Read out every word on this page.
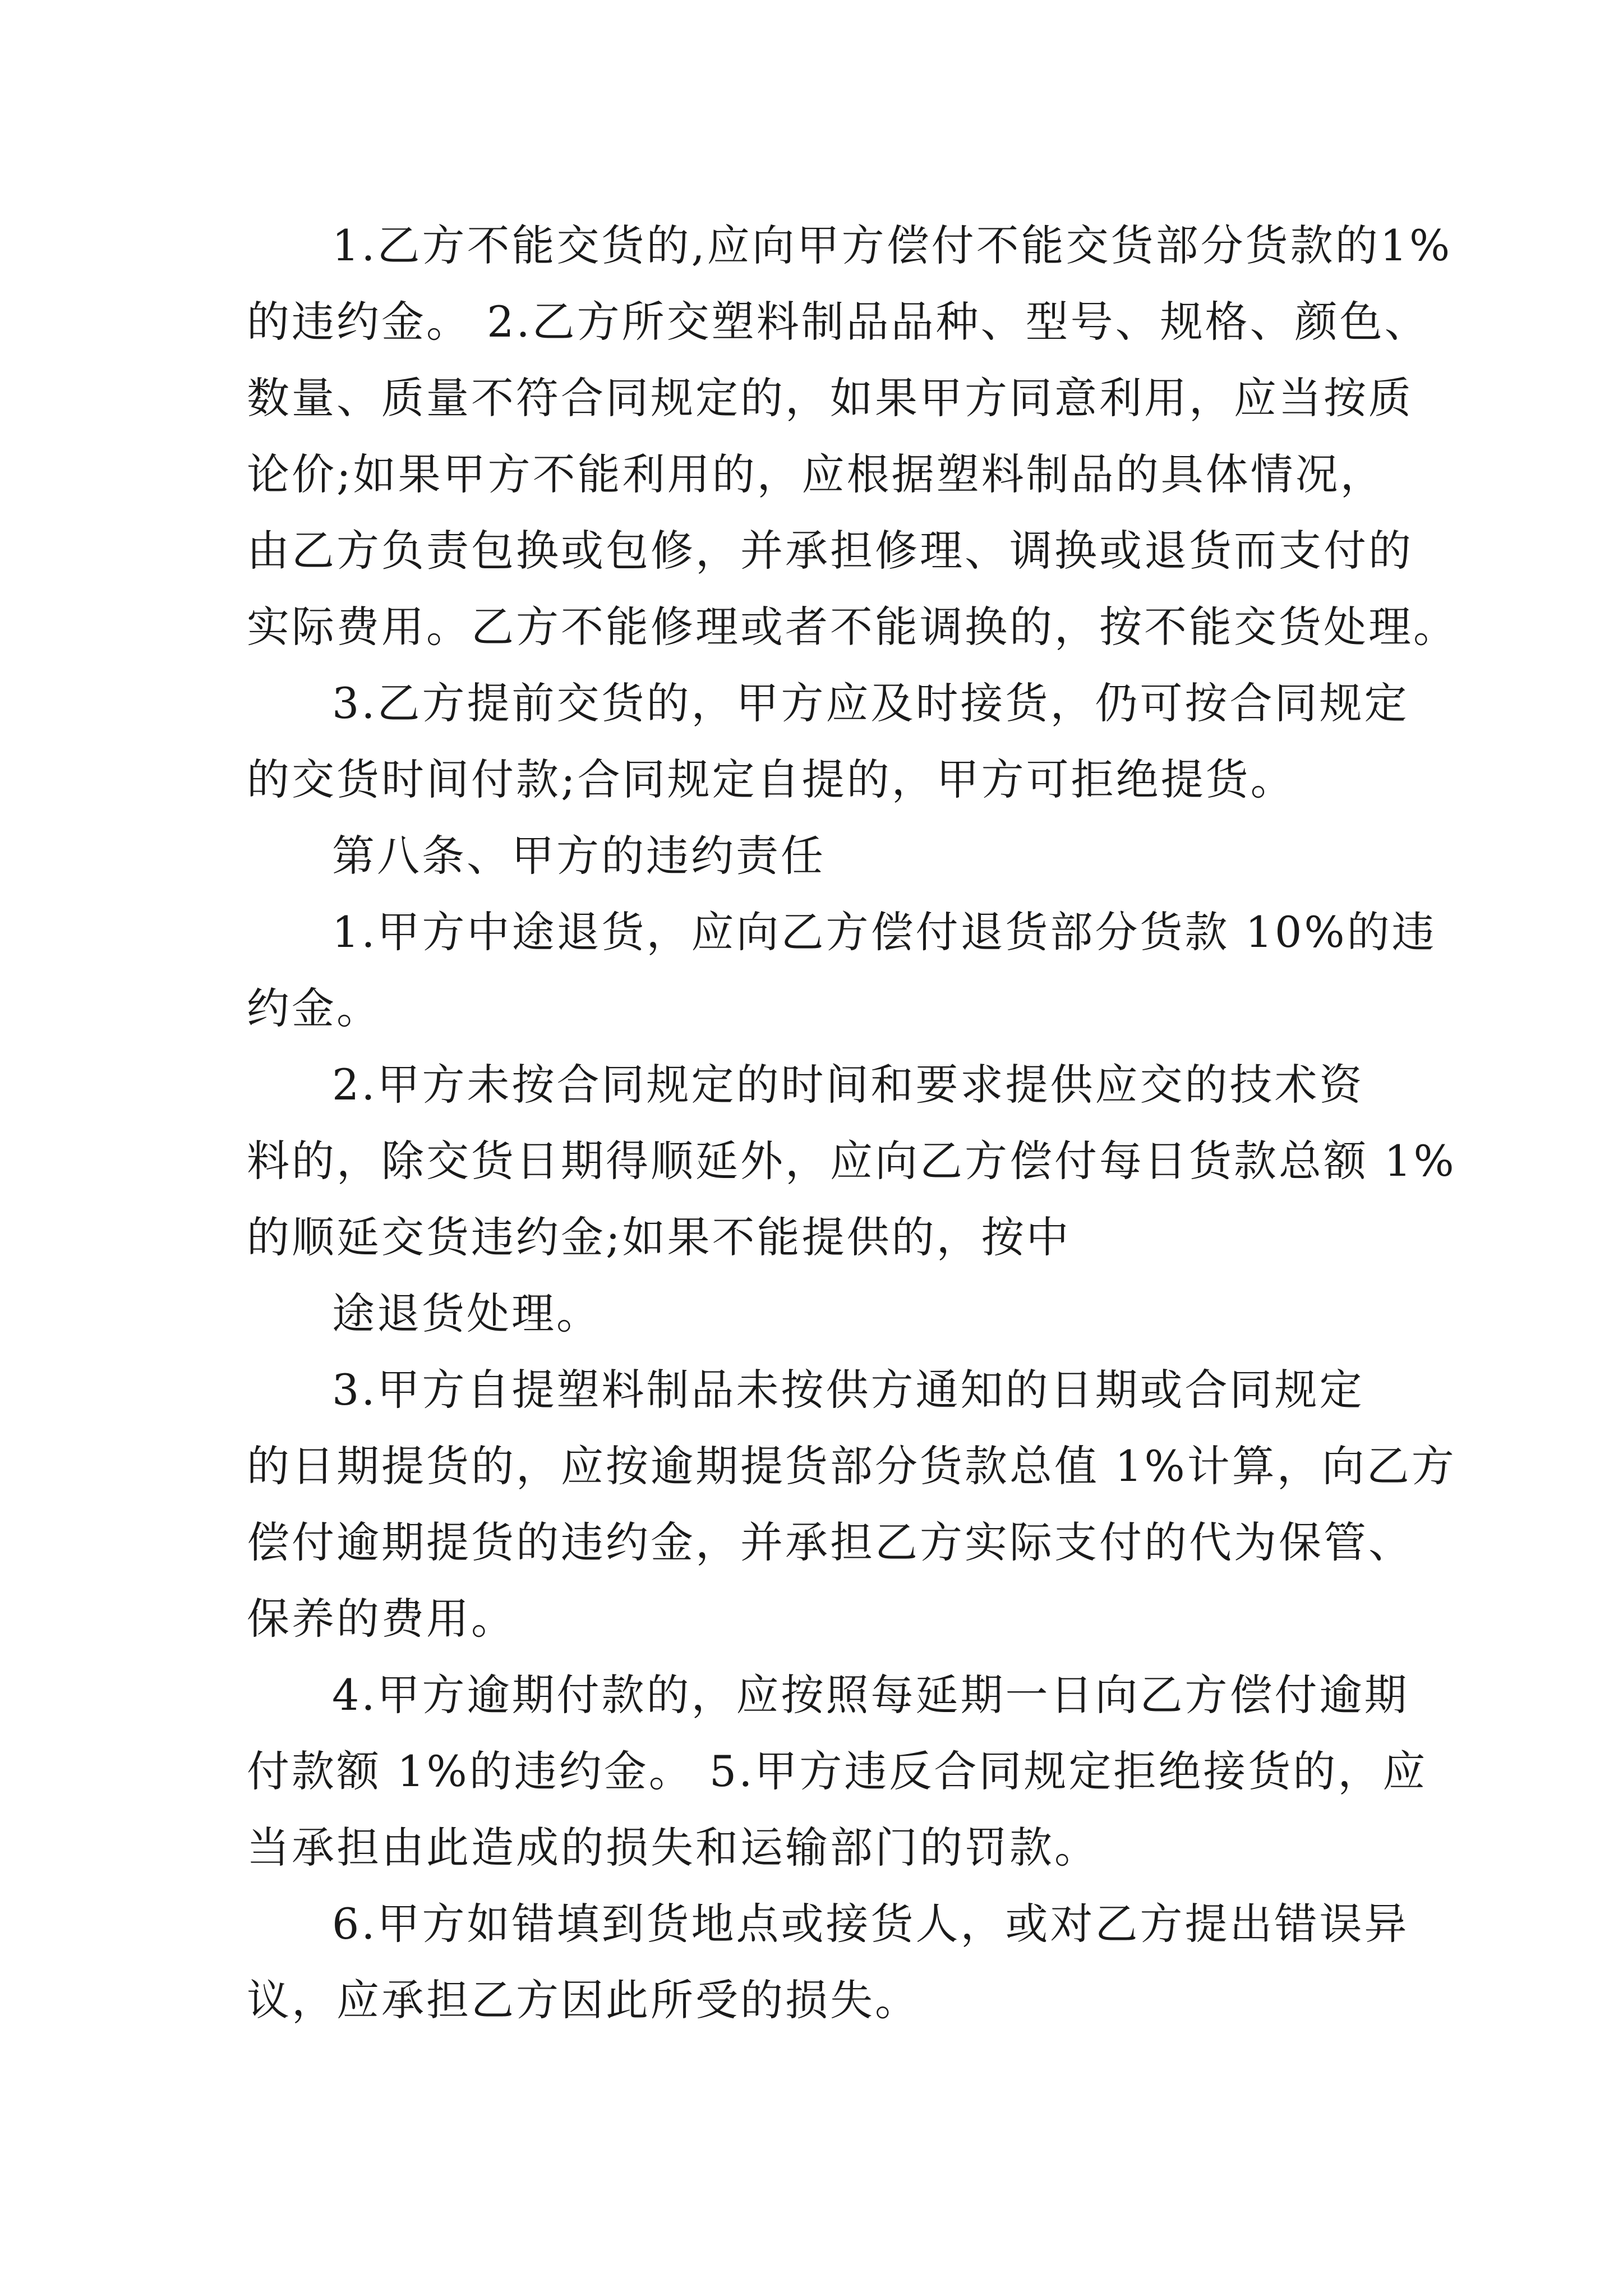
1.乙方不能交货的,应向甲方偿付不能交货部分货款的1%
的违约金。 2.乙方所交塑料制品品种、型号、规格、颜色、
数量、质量不符合同规定的，如果甲方同意利用，应当按质
论价;如果甲方不能利用的，应根据塑料制品的具体情况，
由乙方负责包换或包修，并承担修理、调换或退货而支付的
实际费用。乙方不能修理或者不能调换的，按不能交货处理。
3.乙方提前交货的，甲方应及时接货，仍可按合同规定
的交货时间付款;合同规定自提的，甲方可拒绝提货。
第八条、甲方的违约责任
1.甲方中途退货，应向乙方偿付退货部分货款 10%的违
约金。
2.甲方未按合同规定的时间和要求提供应交的技术资
料的，除交货日期得顺延外，应向乙方偿付每日货款总额 1%
的顺延交货违约金;如果不能提供的，按中
途退货处理。
3.甲方自提塑料制品未按供方通知的日期或合同规定
的日期提货的，应按逾期提货部分货款总值 1%计算，向乙方
偿付逾期提货的违约金，并承担乙方实际支付的代为保管、
保养的费用。
4.甲方逾期付款的，应按照每延期一日向乙方偿付逾期
付款额 1%的违约金。 5.甲方违反合同规定拒绝接货的，应
当承担由此造成的损失和运输部门的罚款。
6.甲方如错填到货地点或接货人，或对乙方提出错误异
议，应承担乙方因此所受的损失。
